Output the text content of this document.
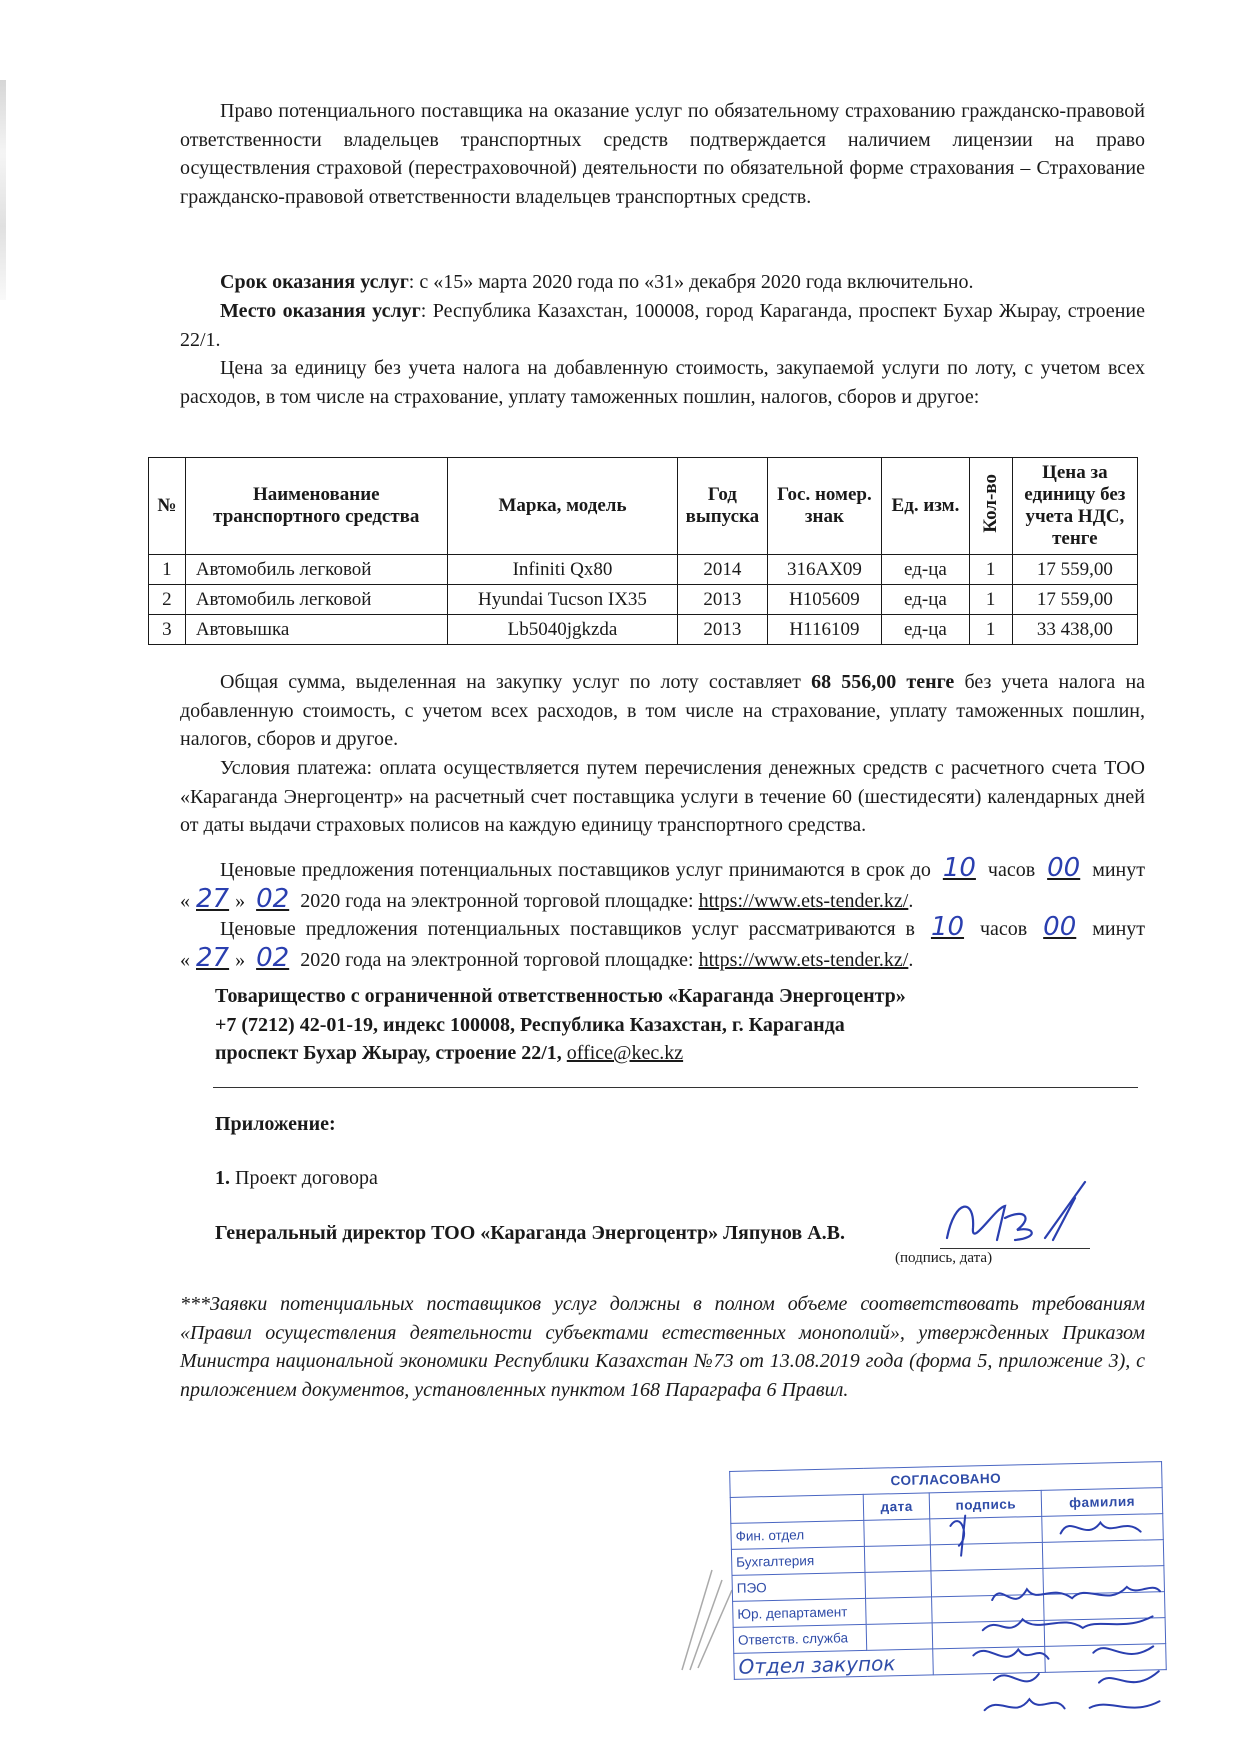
Право потенциального поставщика на оказание услуг по обязательному страхованию гражданско-правовой ответственности владельцев транспортных средств подтверждается наличием лицензии на право осуществления страховой (перестраховочной) деятельности по обязательной форме страхования – Страхование гражданско-правовой ответственности владельцев транспортных средств.

Срок оказания услуг: с «15» марта 2020 года по «31» декабря 2020 года включительно.

Место оказания услуг: Республика Казахстан, 100008, город Караганда, проспект Бухар Жырау, строение 22/1.

Цена за единицу без учета налога на добавленную стоимость, закупаемой услуги по лоту, с учетом всех расходов, в том числе на страхование, уплату таможенных пошлин, налогов, сборов и другое:

№	Наименование транспортного средства	Марка, модель	Год выпуска	Гос. номер. знак	Ед. изм.	Кол-во	Цена за единицу без учета НДС, тенге
1	Автомобиль легковой	Infiniti Qx80	2014	316AX09	ед-ца	1	17 559,00
2	Автомобиль легковой	Hyundai Tucson IX35	2013	H105609	ед-ца	1	17 559,00
3	Автовышка	Lb5040jgkzda	2013	H116109	ед-ца	1	33 438,00

Общая сумма, выделенная на закупку услуг по лоту составляет 68 556,00 тенге без учета налога на добавленную стоимость, с учетом всех расходов, в том числе на страхование, уплату таможенных пошлин, налогов, сборов и другое.

Условия платежа: оплата осуществляется путем перечисления денежных средств с расчетного счета ТОО «Караганда Энергоцентр» на расчетный счет поставщика услуги в течение 60 (шестидесяти) календарных дней от даты выдачи страховых полисов на каждую единицу транспортного средства.

Ценовые предложения потенциальных поставщиков услуг принимаются в срок до 10 часов 00 минут « 27 » 02 2020 года на электронной торговой площадке: https://www.ets-tender.kz/.

Ценовые предложения потенциальных поставщиков услуг рассматриваются в 10 часов 00 минут « 27 » 02 2020 года на электронной торговой площадке: https://www.ets-tender.kz/.

Товарищество с ограниченной ответственностью «Караганда Энергоцентр»
+7 (7212) 42-01-19, индекс 100008, Республика Казахстан, г. Караганда
проспект Бухар Жырау, строение 22/1, office@kec.kz
Приложение:
1. Проект договора
Генеральный директор ТОО «Караганда Энергоцентр» Ляпунов А.В.
(подпись, дата)

***Заявки потенциальных поставщиков услуг должны в полном объеме соответствовать требованиям «Правил осуществления деятельности субъектами естественных монополий», утвержденных Приказом Министра национальной экономики Республики Казахстан №73 от 13.08.2019 года (форма 5, приложение 3), с приложением документов, установленных пунктом 168 Параграфа 6 Правил.

СОГЛАСОВАНО			
	дата	подпись	фамилия
Фин. отдел			
Бухгалтерия			
ПЭО			
Юр. департамент			
Ответств. служба			
Отдел закупок			
